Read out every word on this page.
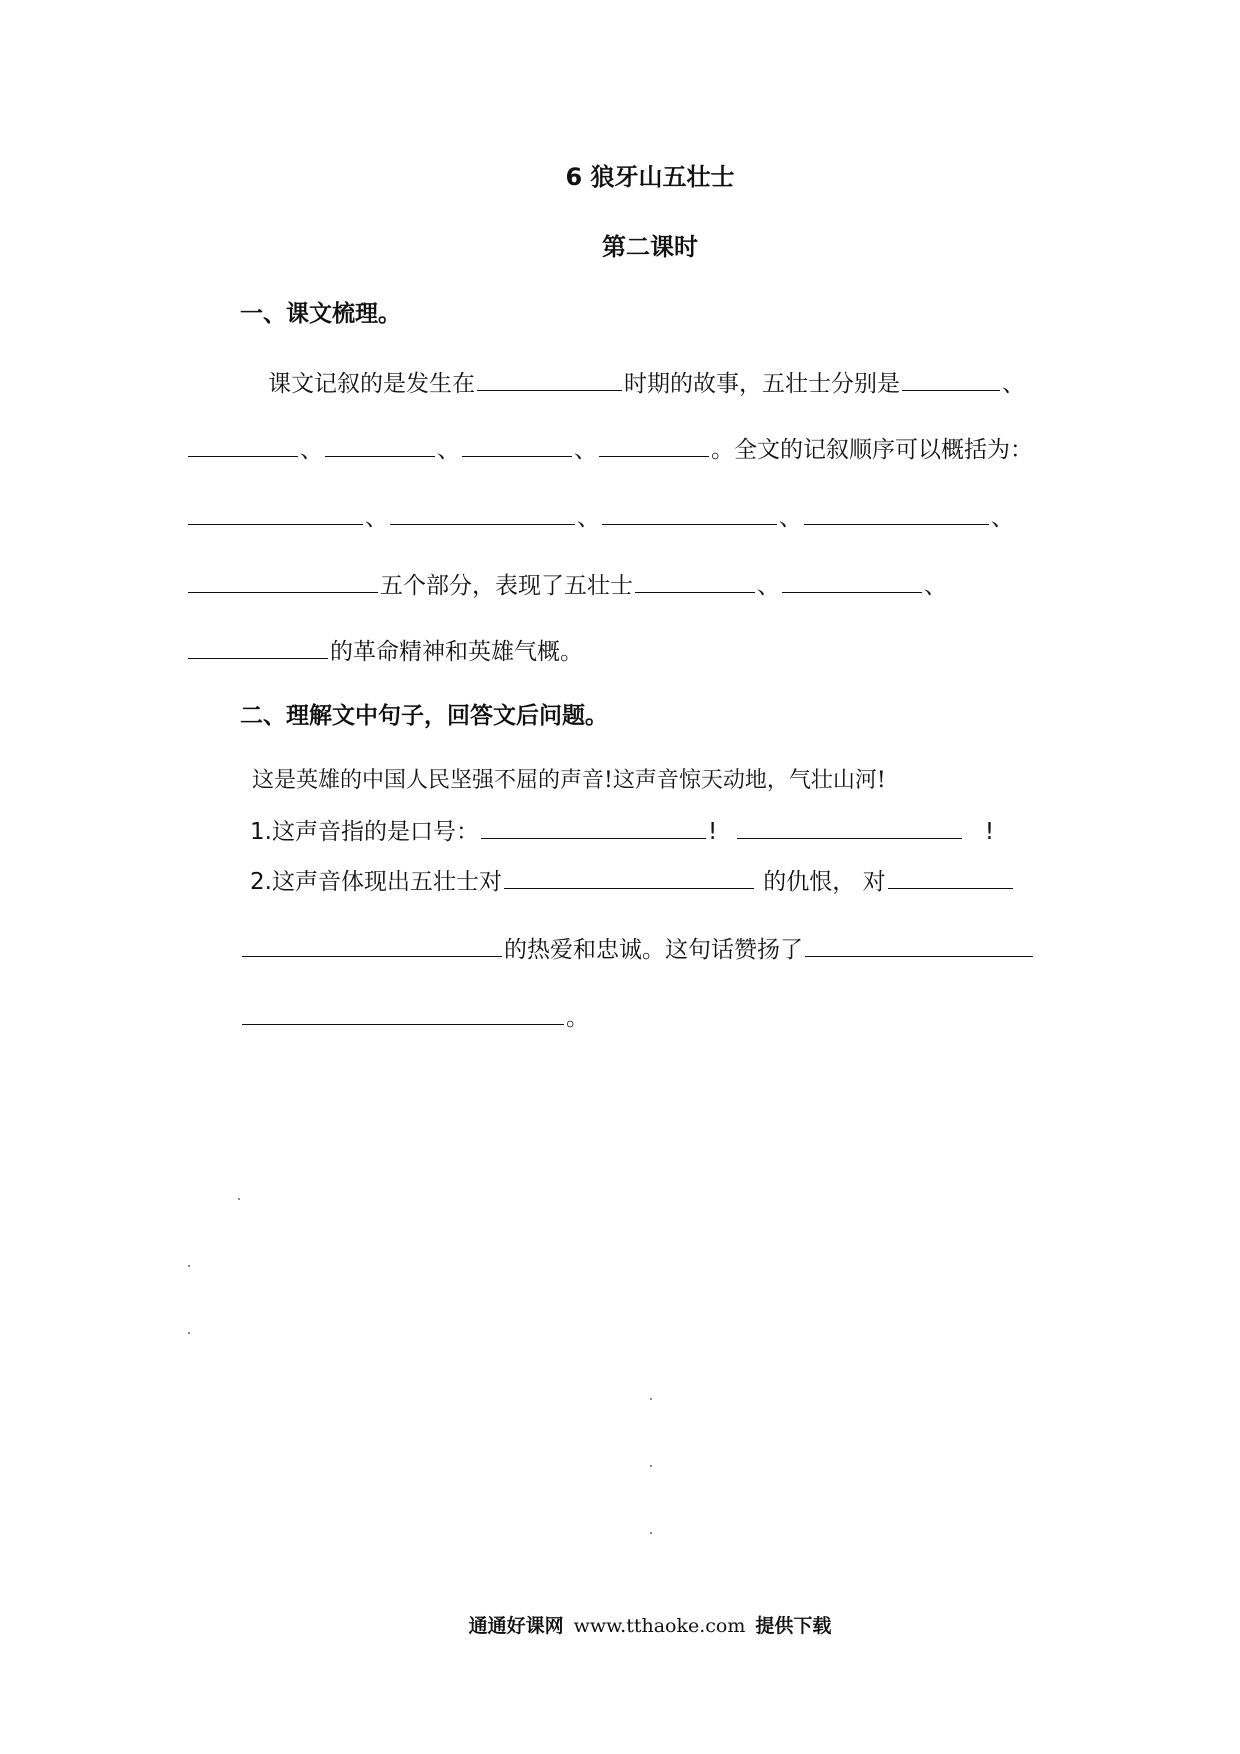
6 狼牙山五壮士
第二课时
一、课文梳理。
课文记叙的是发生在	时期的故事，五壮士分别是	、
、	、	、	。全文的记叙顺序可以概括为：
、	、	、	、
五个部分，表现了五壮士	、	、
的革命精神和英雄气概。
二、理解文中句子，回答文后问题。
这是英雄的中国人民坚强不屈的声音!这声音惊天动地，气壮山河!
1.这声音指的是口号：	!	!
2.这声音体现出五壮士对	的仇恨， 对
的热爱和忠诚。这句话赞扬了
。
通通好课网 www.tthaoke.com 提供下载
